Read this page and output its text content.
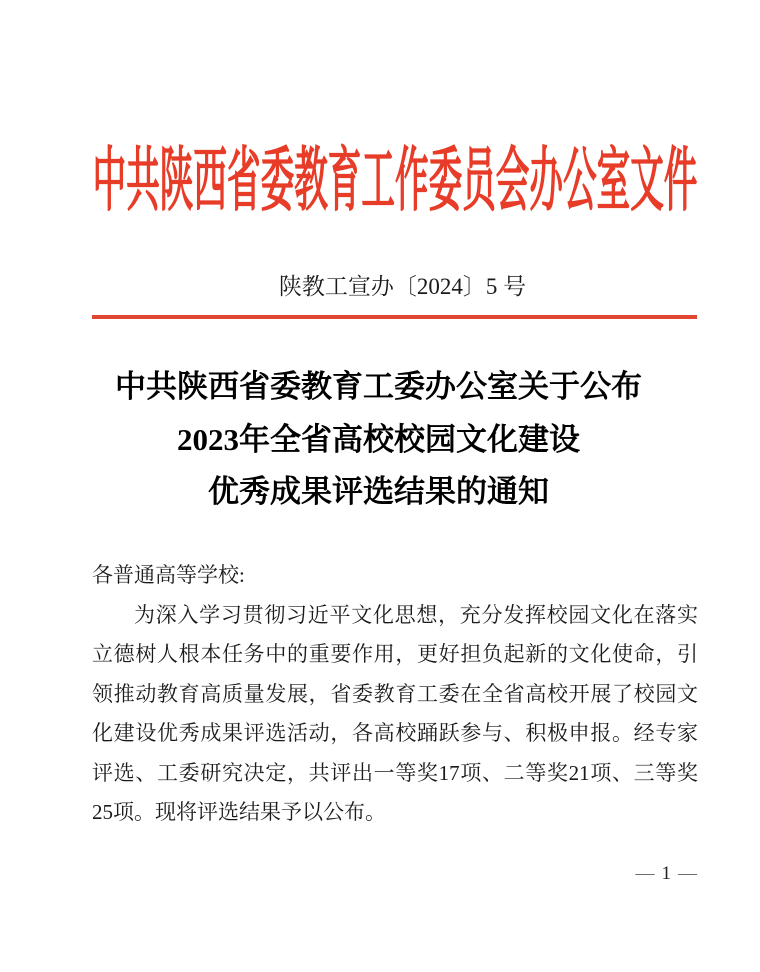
中共陕西省委教育工作委员会办公室文件
陕教工宣办〔2024〕5 号
中共陕西省委教育工委办公室关于公布
2023年全省高校校园文化建设
优秀成果评选结果的通知
各普通高等学校:
为深入学习贯彻习近平文化思想，充分发挥校园文化在落实
立德树人根本任务中的重要作用，更好担负起新的文化使命，引
领推动教育高质量发展，省委教育工委在全省高校开展了校园文
化建设优秀成果评选活动，各高校踊跃参与、积极申报。经专家
评选、工委研究决定，共评出一等奖17项、二等奖21项、三等奖
25项。现将评选结果予以公布。
— 1 —
